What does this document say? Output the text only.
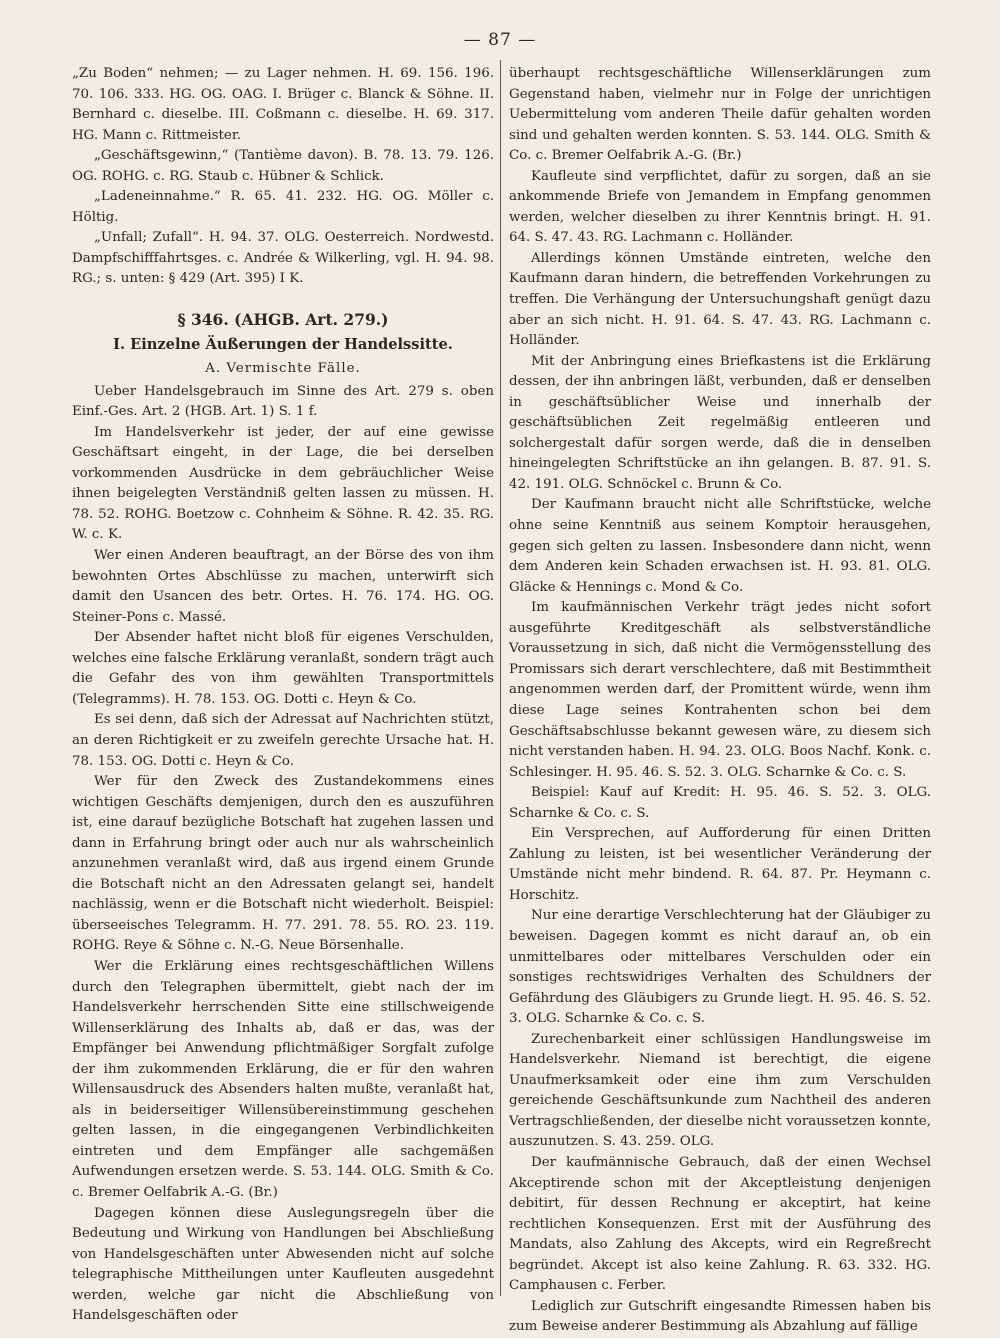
— 87 —

„Zu Boden“ nehmen; — zu Lager nehmen. H. 69. 156. 196. 70. 106. 333. HG. OG. OAG. I. Brüger c. Blanck & Söhne. II. Bernhard c. dieselbe. III. Coßmann c. dieselbe. H. 69. 317. HG. Mann c. Rittmeister.

„Geschäftsgewinn,“ (Tantième davon). B. 78. 13. 79. 126. OG. ROHG. c. RG. Staub c. Hübner & Schlick.

„Ladeneinnahme.“ R. 65. 41. 232. HG. OG. Möller c. Höltig.

„Unfall; Zufall“. H. 94. 37. OLG. Oesterreich. Nordwestd. Dampfschifffahrtsges. c. Andrée & Wilkerling, vgl. H. 94. 98. RG.; s. unten: § 429 (Art. 395) I K.

§ 346. (AHGB. Art. 279.)

I. Einzelne Äußerungen der Handelssitte.

A. Vermischte Fälle.

Ueber Handelsgebrauch im Sinne des Art. 279 s. oben Einf.-Ges. Art. 2 (HGB. Art. 1) S. 1 f.

Im Handelsverkehr ist jeder, der auf eine gewisse Geschäftsart eingeht, in der Lage, die bei derselben vorkommenden Ausdrücke in dem gebräuchlicher Weise ihnen beigelegten Verständniß gelten lassen zu müssen. H. 78. 52. ROHG. Boetzow c. Cohnheim & Söhne. R. 42. 35. RG. W. c. K.

Wer einen Anderen beauftragt, an der Börse des von ihm bewohnten Ortes Abschlüsse zu machen, unterwirft sich damit den Usancen des betr. Ortes. H. 76. 174. HG. OG. Steiner-Pons c. Massé.

Der Absender haftet nicht bloß für eigenes Verschulden, welches eine falsche Erklärung veranlaßt, sondern trägt auch die Gefahr des von ihm gewählten Transportmittels (Telegramms). H. 78. 153. OG. Dotti c. Heyn & Co.

Es sei denn, daß sich der Adressat auf Nachrichten stützt, an deren Richtigkeit er zu zweifeln gerechte Ursache hat. H. 78. 153. OG. Dotti c. Heyn & Co.

Wer für den Zweck des Zustandekommens eines wichtigen Geschäfts demjenigen, durch den es auszuführen ist, eine darauf bezügliche Botschaft hat zugehen lassen und dann in Erfahrung bringt oder auch nur als wahrscheinlich anzunehmen veranlaßt wird, daß aus irgend einem Grunde die Botschaft nicht an den Adressaten gelangt sei, handelt nachlässig, wenn er die Botschaft nicht wiederholt. Beispiel: überseeisches Telegramm. H. 77. 291. 78. 55. RO. 23. 119. ROHG. Reye & Söhne c. N.-G. Neue Börsenhalle.

Wer die Erklärung eines rechtsgeschäftlichen Willens durch den Telegraphen übermittelt, giebt nach der im Handelsverkehr herrschenden Sitte eine stillschweigende Willenserklärung des Inhalts ab, daß er das, was der Empfänger bei Anwendung pflichtmäßiger Sorgfalt zufolge der ihm zukommenden Erklärung, die er für den wahren Willensausdruck des Absenders halten mußte, veranlaßt hat, als in beiderseitiger Willensübereinstimmung geschehen gelten lassen, in die eingegangenen Verbindlichkeiten eintreten und dem Empfänger alle sachgemäßen Aufwendungen ersetzen werde. S. 53. 144. OLG. Smith & Co. c. Bremer Oelfabrik A.-G. (Br.)

Dagegen können diese Auslegungsregeln über die Bedeutung und Wirkung von Handlungen bei Abschließung von Handelsgeschäften unter Abwesenden nicht auf solche telegraphische Mittheilungen unter Kaufleuten ausgedehnt werden, welche gar nicht die Abschließung von Handelsgeschäften oder

überhaupt rechtsgeschäftliche Willenserklärungen zum Gegenstand haben, vielmehr nur in Folge der unrichtigen Uebermittelung vom anderen Theile dafür gehalten worden sind und gehalten werden konnten. S. 53. 144. OLG. Smith & Co. c. Bremer Oelfabrik A.-G. (Br.)

Kaufleute sind verpflichtet, dafür zu sorgen, daß an sie ankommende Briefe von Jemandem in Empfang genommen werden, welcher dieselben zu ihrer Kenntnis bringt. H. 91. 64. S. 47. 43. RG. Lachmann c. Holländer.

Allerdings können Umstände eintreten, welche den Kaufmann daran hindern, die betreffenden Vorkehrungen zu treffen. Die Verhängung der Untersuchungshaft genügt dazu aber an sich nicht. H. 91. 64. S. 47. 43. RG. Lachmann c. Holländer.

Mit der Anbringung eines Briefkastens ist die Erklärung dessen, der ihn anbringen läßt, verbunden, daß er denselben in geschäftsüblicher Weise und innerhalb der geschäftsüblichen Zeit regelmäßig entleeren und solchergestalt dafür sorgen werde, daß die in denselben hineingelegten Schriftstücke an ihn gelangen. B. 87. 91. S. 42. 191. OLG. Schnöckel c. Brunn & Co.

Der Kaufmann braucht nicht alle Schriftstücke, welche ohne seine Kenntniß aus seinem Komptoir herausgehen, gegen sich gelten zu lassen. Insbesondere dann nicht, wenn dem Anderen kein Schaden erwachsen ist. H. 93. 81. OLG. Gläcke & Hennings c. Mond & Co.

Im kaufmännischen Verkehr trägt jedes nicht sofort ausgeführte Kreditgeschäft als selbstverständliche Voraussetzung in sich, daß nicht die Vermögensstellung des Promissars sich derart verschlechtere, daß mit Bestimmtheit angenommen werden darf, der Promittent würde, wenn ihm diese Lage seines Kontrahenten schon bei dem Geschäftsabschlusse bekannt gewesen wäre, zu diesem sich nicht verstanden haben. H. 94. 23. OLG. Boos Nachf. Konk. c. Schlesinger. H. 95. 46. S. 52. 3. OLG. Scharnke & Co. c. S.

Beispiel: Kauf auf Kredit: H. 95. 46. S. 52. 3. OLG. Scharnke & Co. c. S.

Ein Versprechen, auf Aufforderung für einen Dritten Zahlung zu leisten, ist bei wesentlicher Veränderung der Umstände nicht mehr bindend. R. 64. 87. Pr. Heymann c. Horschitz.

Nur eine derartige Verschlechterung hat der Gläubiger zu beweisen. Dagegen kommt es nicht darauf an, ob ein unmittelbares oder mittelbares Verschulden oder ein sonstiges rechtswidriges Verhalten des Schuldners der Gefährdung des Gläubigers zu Grunde liegt. H. 95. 46. S. 52. 3. OLG. Scharnke & Co. c. S.

Zurechenbarkeit einer schlüssigen Handlungsweise im Handelsverkehr. Niemand ist berechtigt, die eigene Unaufmerksamkeit oder eine ihm zum Verschulden gereichende Geschäftsunkunde zum Nachtheil des anderen Vertragschließenden, der dieselbe nicht voraussetzen konnte, auszunutzen. S. 43. 259. OLG.

Der kaufmännische Gebrauch, daß der einen Wechsel Akceptirende schon mit der Akceptleistung denjenigen debitirt, für dessen Rechnung er akceptirt, hat keine rechtlichen Konsequenzen. Erst mit der Ausführung des Mandats, also Zahlung des Akcepts, wird ein Regreßrecht begründet. Akcept ist also keine Zahlung. R. 63. 332. HG. Camphausen c. Ferber.

Lediglich zur Gutschrift eingesandte Rimessen haben bis zum Beweise anderer Bestimmung als Abzahlung auf fällige
